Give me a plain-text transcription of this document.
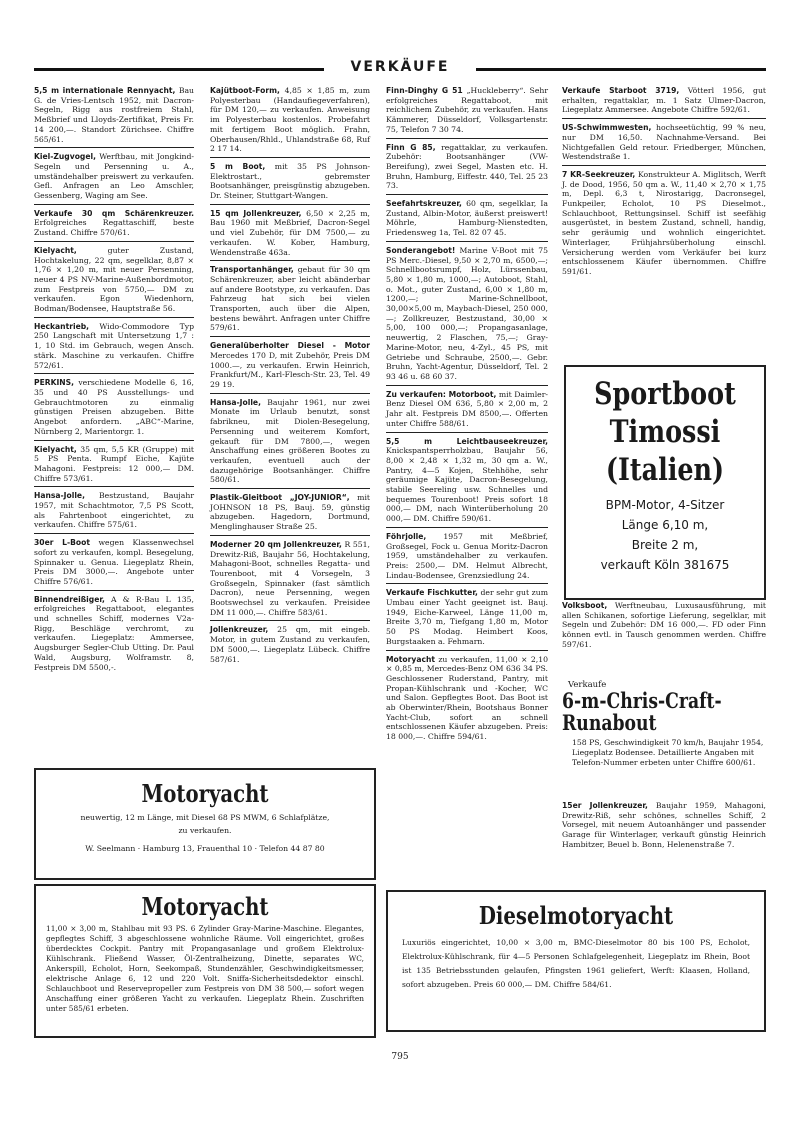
VERKÄUFE
5,5 m internationale Rennyacht, Bau G. de Vries-Lentsch 1952, mit Dacron-Segeln, Rigg aus rostfreiem Stahl, Meßbrief und Lloyds-Zertifikat, Preis Fr. 14 200,—. Standort Zürichsee. Chiffre 565/61.
Kiel-Zugvogel, Werftbau, mit Jongkind-Segeln und Persenning u. A., umständehalber preiswert zu verkaufen. Gefl. Anfragen an Leo Amschler, Gessenberg, Waging am See.
Verkaufe 30 qm Schärenkreuzer. Erfolgreiches Regattaschiff, beste Zustand. Chiffre 570/61.
Kielyacht,	guter Zustand, Hochtakelung, 22 qm, segelklar, 8,87 × 1,76 × 1,20 m, mit neuer Persenning, neuer 4 PS NV-Marine-Außenbordmotor, zum Festpreis von 5750,— DM zu verkaufen. Egon Wiedenhorn, Bodman/Bodensee, Hauptstraße 56.
Heckantrieb, Wido-Commodore Typ 250 Langschaft mit Untersetzung 1,7 : 1, 10 Std. im Gebrauch, wegen Ansch. stärk. Maschine zu verkaufen. Chiffre 572/61.
PERKINS, verschiedene Modelle 6, 16, 35 und 40 PS Ausstellungs- und Gebrauchtmotoren zu einmalig günstigen Preisen abzugeben. Bitte Angebot anfordern. „ABC“-Marine, Nürnberg 2, Marientorgr. 1.
Kielyacht, 35 qm, 5,5 KR (Gruppe) mit 5 PS Penta. Rumpf Eiche, Kajüte Mahagoni. Festpreis: 12 000,— DM. Chiffre 573/61.
Hansa-Jolle, Bestzustand, Baujahr 1957, mit Schachtmotor, 7,5 PS Scott, als Fahrtenboot eingerichtet, zu verkaufen. Chiffre 575/61.
30er L-Boot wegen Klassenwechsel sofort zu verkaufen, kompl. Besegelung, Spinnaker u. Genua. Liegeplatz Rhein, Preis DM 3000,—. Angebote unter Chiffre 576/61.
Binnendreißiger, A & R-Bau L 135, erfolgreiches Regattaboot, elegantes und schnelles Schiff, modernes V2a-Rigg, Beschläge verchromt, zu verkaufen. Liegeplatz: Ammersee, Augsburger Segler-Club Utting. Dr. Paul Wald, Augsburg, Wolframstr. 8, Festpreis DM 5500,-.
Kajütboot-Form, 4,85 × 1,85 m, zum Polyesterbau (Handaufiegeverfahren), für DM 120,— zu verkaufen. Anweisung im Polyesterbau kostenlos. Probefahrt mit fertigem Boot möglich. Frahn, Oberhausen/Rhld., Uhlandstraße 68, Ruf 2 17 14.
5 m Boot, mit 35 PS Johnson-Elektrostart., gebremster Bootsanhänger, preisgünstig abzugeben. Dr. Steiner, Stuttgart-Wangen.
15 qm Jollenkreuzer, 6,50 × 2,25 m, Bau 1960 mit Meßbrief, Dacron-Segel und viel Zubehör, für DM 7500,— zu verkaufen. W. Kober, Hamburg, Wendenstraße 463a.
Transportanhänger, gebaut für 30 qm Schärenkreuzer, aber leicht abänderbar auf andere Bootstype, zu verkaufen. Das Fahrzeug hat sich bei vielen Transporten, auch über die Alpen, bestens bewährt. Anfragen unter Chiffre 579/61.
Generalüberholter Diesel - Motor Mercedes 170 D, mit Zubehör, Preis DM 1000.—, zu verkaufen. Erwin Heinrich, Frankfurt/M., Karl-Flesch-Str. 23, Tel. 49 29 19.
Hansa-Jolle, Baujahr 1961, nur zwei Monate im Urlaub benutzt, sonst fabrikneu, mit Diolen-Besegelung, Persenning und weiterem Komfort, gekauft für DM 7800,—, wegen Anschaffung eines größeren Bootes zu verkaufen, eventuell auch der dazugehörige Bootsanhänger. Chiffre 580/61.
Plastik-Gleitboot „JOY-JUNIOR“, mit JOHNSON 18 PS, Bauj. 59, günstig abzugeben. Hagedorn, Dortmund, Menglinghauser Straße 25.
Moderner 20 qm Jollenkreuzer, R 551, Drewitz-Riß, Baujahr 56, Hochtakelung, Mahagoni-Boot, schnelles Regatta- und Tourenboot, mit 4 Vorsegeln, 3 Großsegeln, Spinnaker (fast sämtlich Dacron), neue Persenning, wegen Bootswechsel zu verkaufen. Preisidee DM 11 000,—. Chiffre 583/61.
Jollenkreuzer, 25 qm, mit eingeb. Motor, in gutem Zustand zu verkaufen, DM 5000,—. Liegeplatz Lübeck. Chiffre 587/61.
Finn-Dinghy G 51 „Huckleberry“. Sehr erfolgreiches Regattaboot, mit reichlichem Zubehör, zu verkaufen. Hans Kämmerer, Düsseldorf, Volksgartenstr. 75, Telefon 7 30 74.
Finn G 85, regattaklar, zu verkaufen. Zubehör: Bootsanhänger (VW-Bereifung), zwei Segel, Masten etc. H. Bruhn, Hamburg, Eiffestr. 440, Tel. 25 23 73.
Seefahrtskreuzer, 60 qm, segelklar, Ia Zustand, Albin-Motor, äußerst preiswert! Möhrle, Hamburg-Nienstedten, Friedensweg 1a, Tel. 82 07 45.
Sonderangebot! Marine V-Boot mit 75 PS Merc.-Diesel, 9,50 × 2,70 m, 6500,—; Schnellbootsrumpf, Holz, Lürssenbau, 5,80 × 1,80 m, 1000,—; Autoboot, Stahl, o. Mot., guter Zustand, 6,00 × 1,80 m, 1200,—; Marine-Schnellboot, 30,00×5,00 m, Maybach-Diesel, 250 000,—; Zollkreuzer, Bestzustand, 30,00 × 5,00, 100 000,—; Propangasanlage, neuwertig, 2 Flaschen, 75,—; Gray-Marine-Motor, neu, 4-Zyl., 45 PS, mit Getriebe und Schraube, 2500,—. Gebr. Bruhn, Yacht-Agentur, Düsseldorf, Tel. 2 93 46 u. 68 60 37.
Zu verkaufen: Motorboot, mit Daimler-Benz Diesel OM 636, 5,80 × 2,00 m, 2 Jahr alt. Festpreis DM 8500,—. Offerten unter Chiffre 588/61.
5,5 m Leichtbauseekreuzer, Knickspantsperrholzbau, Baujahr 56, 8,00 × 2,48 × 1,32 m, 30 qm a. W., Pantry, 4—5 Kojen, Stehhöhe, sehr geräumige Kajüte, Dacron-Besegelung, stabile Seereling usw. Schnelles und bequemes Tourenboot! Preis sofort 18 000,— DM, nach Winterüberholung 20 000,— DM. Chiffre 590/61.
Föhrjolle, 1957 mit Meßbrief, Großsegel, Fock u. Genua Moritz-Dacron 1959, umständehalber zu verkaufen. Preis: 2500,— DM. Helmut Albrecht, Lindau-Bodensee, Grenzsiedlung 24.
Verkaufe Fischkutter, der sehr gut zum Umbau einer Yacht geeignet ist. Bauj. 1949, Eiche-Karweel, Länge 11,00 m, Breite 3,70 m, Tiefgang 1,80 m, Motor 50 PS Modag. Heimbert Koos, Burgstaaken a. Fehmarn.
Motoryacht zu verkaufen, 11,00 × 2,10 × 0,85 m, Mercedes-Benz OM 636 34 PS. Geschlossener Ruderstand, Pantry, mit Propan-Kühlschrank und -Kocher, WC und Salon. Gepflegtes Boot. Das Boot ist ab Oberwinter/Rhein, Bootshaus Bonner Yacht-Club, sofort an schnell entschlossenen Käufer abzugeben. Preis: 18 000,—. Chiffre 594/61.
Verkaufe Starboot 3719, Vötterl 1956, gut erhalten, regattaklar, m. 1 Satz Ulmer-Dacron, Liegeplatz Ammersee. Angebote Chiffre 592/61.
US-Schwimmwesten, hochseetüchtig, 99 % neu, nur DM 16,50. Nachnahme-Versand. Bei Nichtgefallen Geld retour. Friedberger, München, Westendstraße 1.
7 KR-Seekreuzer, Konstrukteur A. Miglitsch, Werft J. de Dood, 1956, 50 qm a. W., 11,40 × 2,70 × 1,75 m, Depl. 6,3 t, Nirostarigg, Dacronsegel, Funkpeiler, Echolot, 10 PS Dieselmot., Schlauchboot, Rettungsinsel. Schiff ist seefähig ausgerüstet, in bestem Zustand, schnell, handig, sehr geräumig und wohnlich eingerichtet. Winterlager, Frühjahrsüberholung einschl. Versicherung werden vom Verkäufer bei kurz entschlossenem Käufer übernommen. Chiffre 591/61.
Volksboot, Werftneubau, Luxusausführung, mit allen Schikanen, sofortige Lieferung, segelklar, mit Segeln und Zubehör: DM 16 000,—. FD oder Finn können evtl. in Tausch genommen werden. Chiffre 597/61.
15er Jollenkreuzer, Baujahr 1959, Mahagoni, Drewitz-Riß, sehr schönes, schnelles Schiff, 2 Vorsegel, mit neuem Autoanhänger und passender Garage für Winterlager, verkauft günstig Heinrich Hambitzer, Beuel b. Bonn, Helenenstraße 7.
Sportboot
Timossi
(Italien)
BPM-Motor, 4-Sitzer
Länge 6,10 m,
Breite 2 m,
verkauft Köln 381675
Verkaufe
6-m-Chris-Craft-
Runabout
158 PS, Geschwindigkeit 70 km/h, Baujahr 1954, Liegeplatz Bodensee. Detaillierte Angaben mit Telefon-Nummer erbeten unter Chiffre 600/61.
Motoryacht
neuwertig, 12 m Länge, mit Diesel 68 PS MWM, 6 Schlafplätze,
zu verkaufen.
W. Seelmann · Hamburg 13, Frauenthal 10 · Telefon 44 87 80
Motoryacht
11,00 × 3,00 m, Stahlbau mit 93 PS. 6 Zylinder Gray-Marine-Maschine. Elegantes, gepflegtes Schiff, 3 abgeschlossene wohnliche Räume. Voll eingerichtet, großes überdecktes Cockpit. Pantry mit Propangasanlage und großem Elektrolux-Kühlschrank. Fließend Wasser, Öl-Zentralheizung, Dinette, separates WC, Ankerspill, Echolot, Horn, Seekompaß, Stundenzähler, Geschwindigkeitsmesser, elektrische Anlage 6, 12 und 220 Volt. Sniffa-Sicherheitsdedektor einschl. Schlauchboot und Reservepropeller zum Festpreis von DM 38 500,— sofort wegen Anschaffung einer größeren Yacht zu verkaufen. Liegeplatz Rhein. Zuschriften unter 585/61 erbeten.
Dieselmotoryacht
Luxuriös eingerichtet, 10,00 × 3,00 m, BMC-Dieselmotor 80 bis 100 PS, Echolot, Elektrolux-Kühlschrank, für 4—5 Personen Schlafgelegenheit, Liegeplatz im Rhein, Boot ist 135 Betriebsstunden gelaufen, Pfingsten 1961 geliefert, Werft: Klaasen, Holland, sofort abzugeben. Preis 60 000,— DM. Chiffre 584/61.
795
